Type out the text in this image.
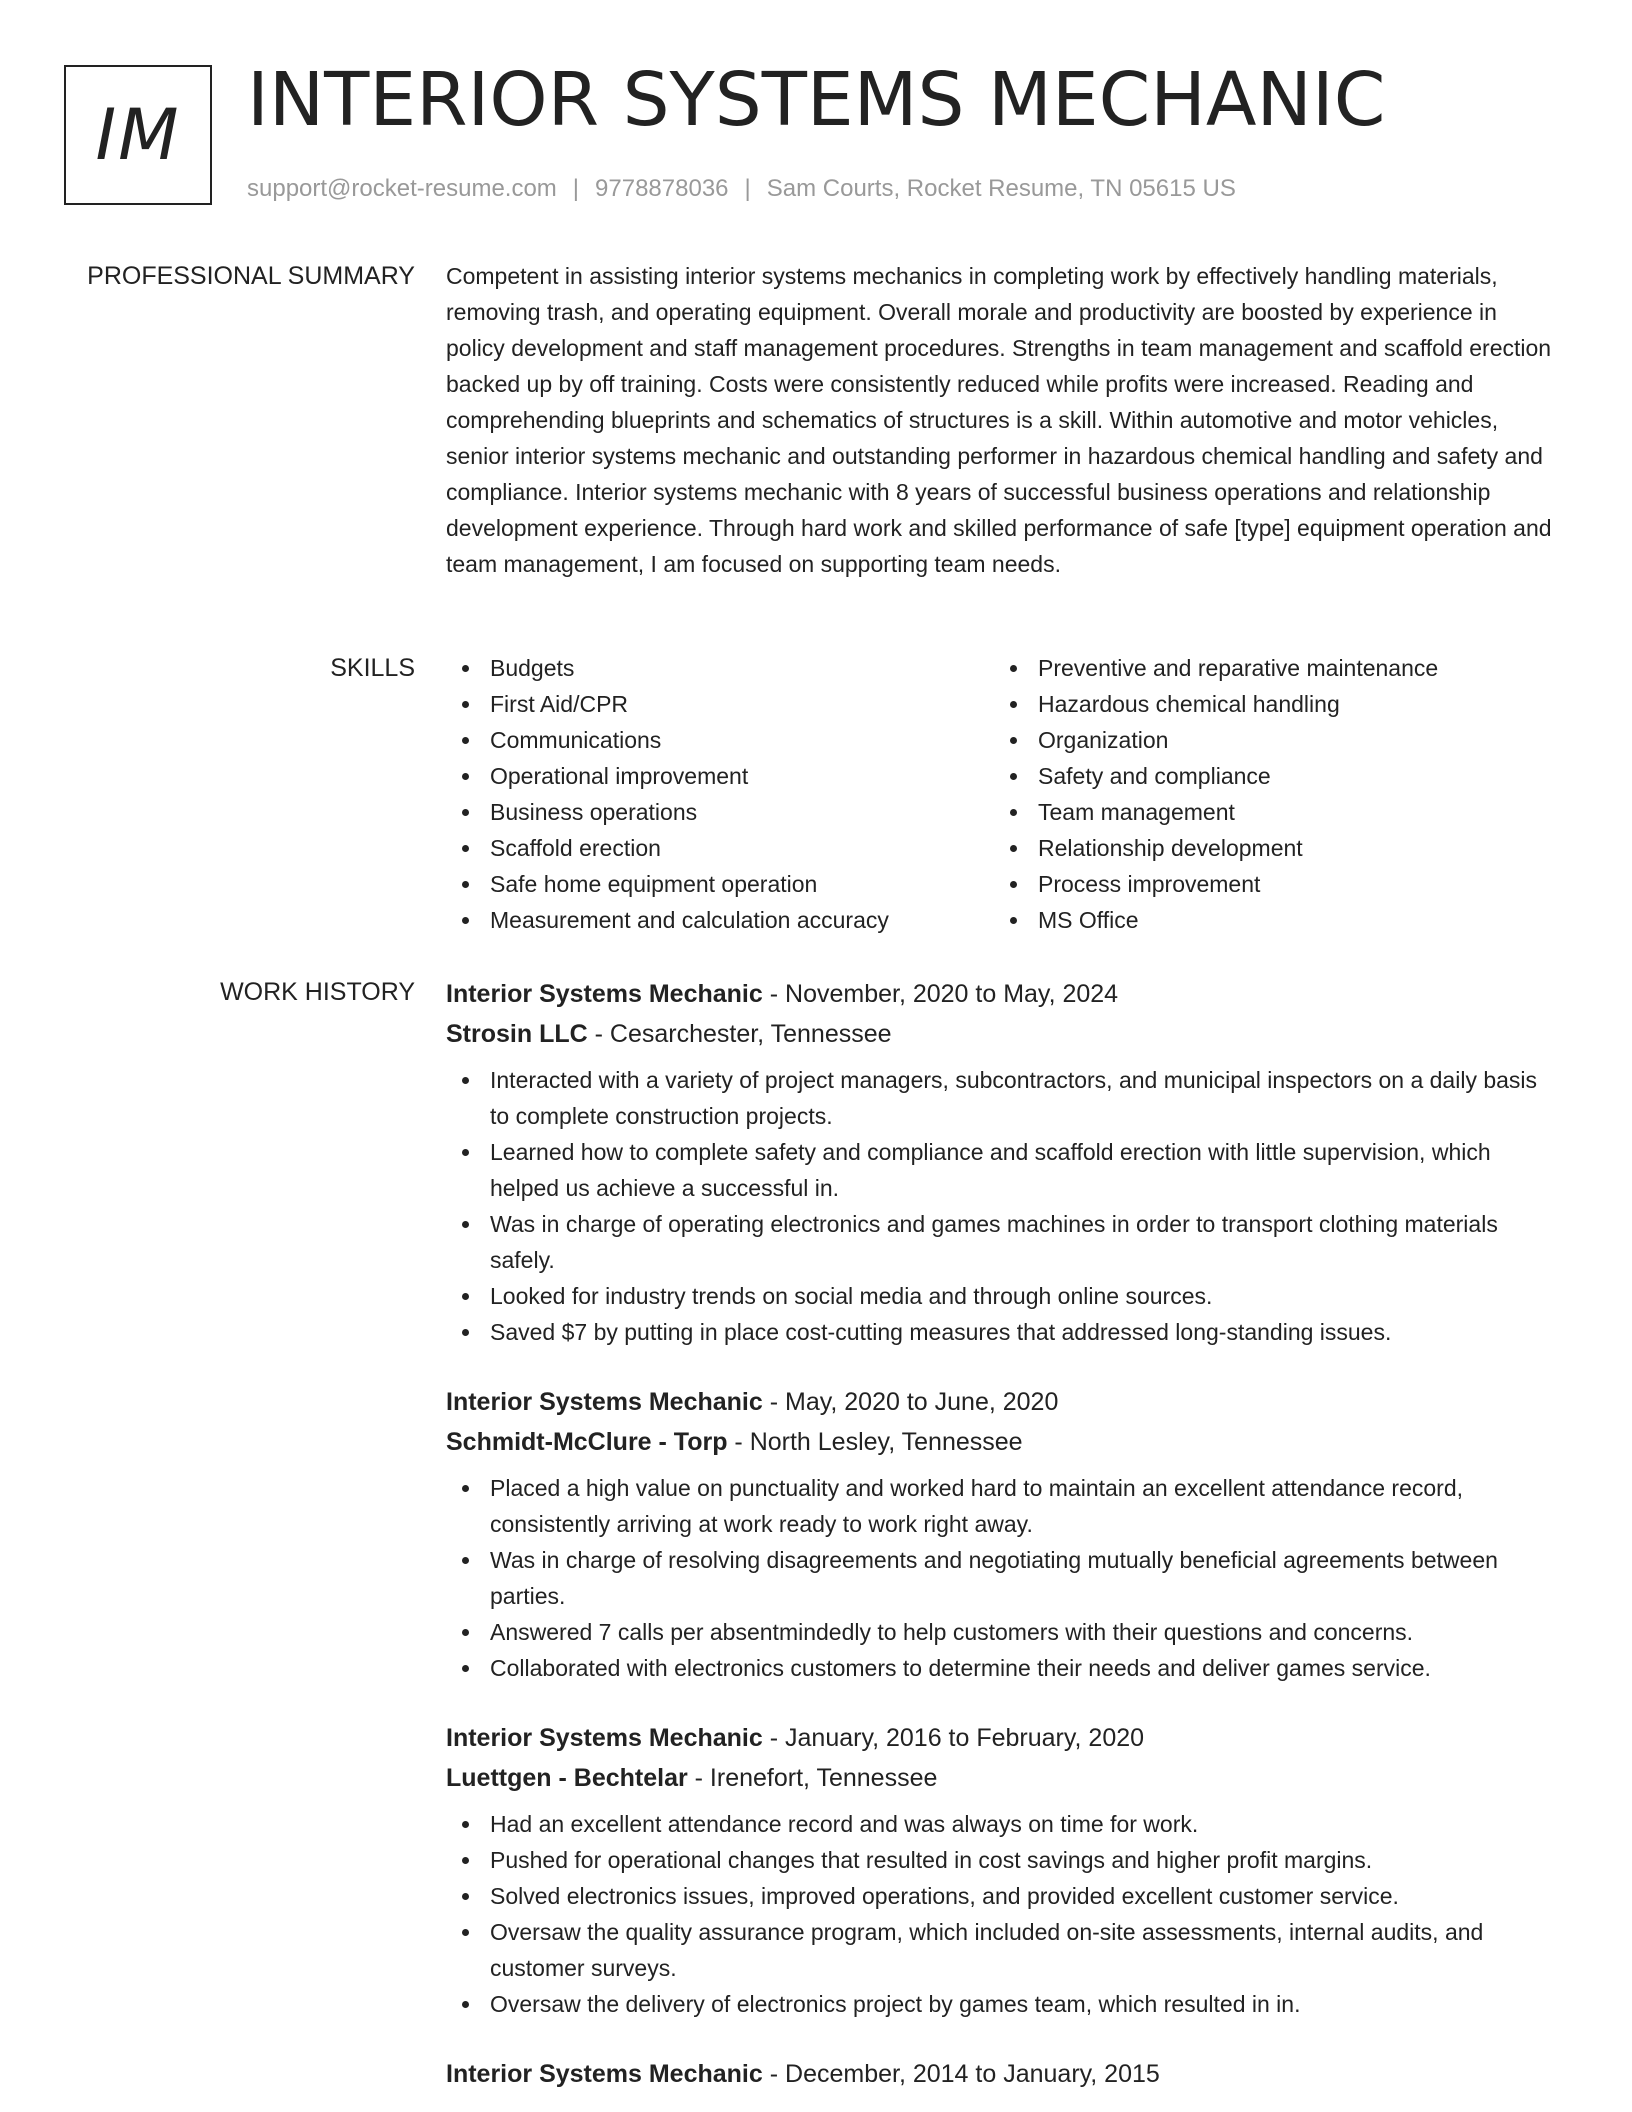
IM INTERIOR SYSTEMS MECHANIC
support@rocket-resume.com | 9778878036 | Sam Courts, Rocket Resume, TN 05615 US
PROFESSIONAL SUMMARY Competent in assisting interior systems mechanics in completing work by effectively handling materials, removing trash, and operating equipment. Overall morale and productivity are boosted by experience in policy development and staff management procedures. Strengths in team management and scaffold erection backed up by off training. Costs were consistently reduced while profits were increased. Reading and comprehending blueprints and schematics of structures is a skill. Within automotive and motor vehicles, senior interior systems mechanic and outstanding performer in hazardous chemical handling and safety and compliance. Interior systems mechanic with 8 years of successful business operations and relationship development experience. Through hard work and skilled performance of safe [type] equipment operation and team management, I am focused on supporting team needs.

SKILLS	Budgets
First Aid/CPR
Communications
Operational improvement
Business operations
Scaffold erection
Safe home equipment operation
Measurement and calculation accuracy
Preventive and reparative maintenance
Hazardous chemical handling
Organization
Safety and compliance
Team management
Relationship development
Process improvement
MS Office
WORK HISTORY Interior Systems Mechanic - November, 2020 to May, 2024
Strosin LLC - Cesarchester, Tennessee
Interacted with a variety of project managers, subcontractors, and municipal inspectors on a daily basis to complete construction projects.
Learned how to complete safety and compliance and scaffold erection with little supervision, which helped us achieve a successful in.
Was in charge of operating electronics and games machines in order to transport clothing materials safely.
Looked for industry trends on social media and through online sources.
Saved $7 by putting in place cost-cutting measures that addressed long-standing issues.
Interior Systems Mechanic - May, 2020 to June, 2020
Schmidt-McClure - Torp - North Lesley, Tennessee
Placed a high value on punctuality and worked hard to maintain an excellent attendance record, consistently arriving at work ready to work right away.
Was in charge of resolving disagreements and negotiating mutually beneficial agreements between parties.
Answered 7 calls per absentmindedly to help customers with their questions and concerns.
Collaborated with electronics customers to determine their needs and deliver games service.
Interior Systems Mechanic - January, 2016 to February, 2020
Luettgen - Bechtelar - Irenefort, Tennessee
Had an excellent attendance record and was always on time for work.
Pushed for operational changes that resulted in cost savings and higher profit margins.
Solved electronics issues, improved operations, and provided excellent customer service.
Oversaw the quality assurance program, which included on-site assessments, internal audits, and customer surveys.
Oversaw the delivery of electronics project by games team, which resulted in in.
Interior Systems Mechanic - December, 2014 to January, 2015
